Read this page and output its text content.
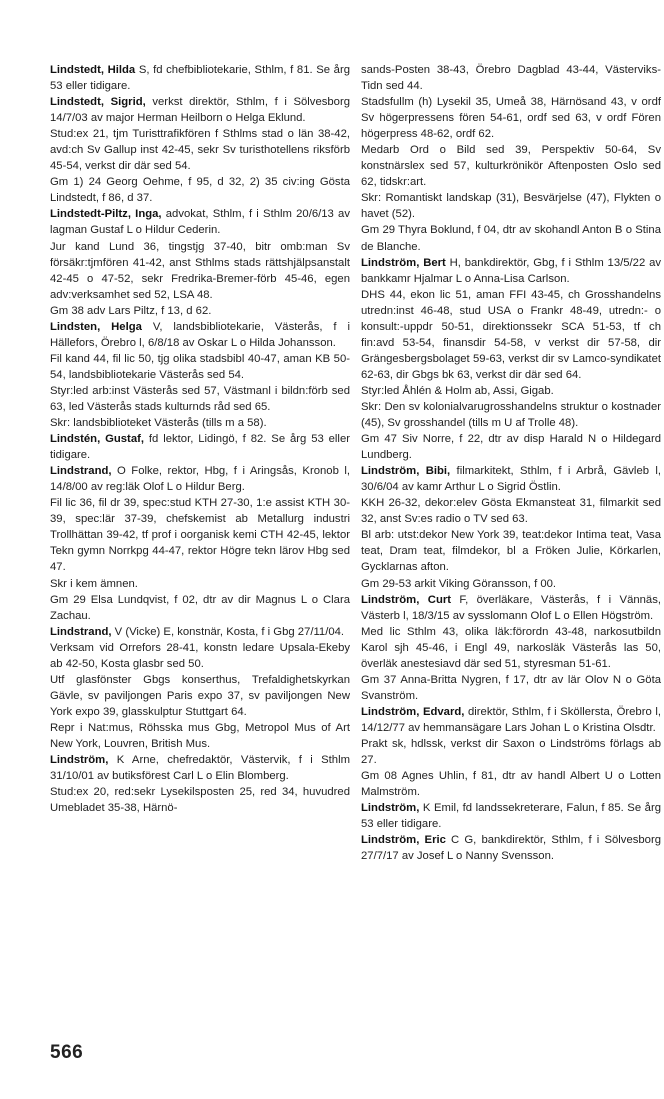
Lindstedt, Hilda S, fd chefbibliotekarie, Sthlm, f 81. Se årg 53 eller tidigare.

Lindstedt, Sigrid, verkst direktör, Sthlm, f i Sölvesborg 14/7/03 av major Herman Heilborn o Helga Eklund.

Stud:ex 21, tjm Turisttrafikfören f Sthlms stad o län 38-42, avd:ch Sv Gallup inst 42-45, sekr Sv turisthotellens riksförb 45-54, verkst dir där sed 54.

Gm 1) 24 Georg Oehme, f 95, d 32, 2) 35 civ:ing Gösta Lindstedt, f 86, d 37.

Lindstedt-Piltz, Inga, advokat, Sthlm, f i Sthlm 20/6/13 av lagman Gustaf L o Hildur Cederin.

Jur kand Lund 36, tingstjg 37-40, bitr omb:man Sv försäkr:tjmfören 41-42, anst Sthlms stads rättshjälpsanstalt 42-45 o 47-52, sekr Fredrika-Bremer-förb 45-46, egen adv:verksamhet sed 52, LSA 48.

Gm 38 adv Lars Piltz, f 13, d 62.

Lindsten, Helga V, landsbibliotekarie, Västerås, f i Hällefors, Örebro l, 6/8/18 av Oskar L o Hilda Johansson.

Fil kand 44, fil lic 50, tjg olika stadsbibl 40-47, aman KB 50-54, landsbibliotekarie Västerås sed 54.

Styr:led arb:inst Västerås sed 57, Västmanl i bildn:förb sed 63, led Västerås stads kulturnds råd sed 65.

Skr: landsbiblioteket Västerås (tills m a 58).

Lindstén, Gustaf, fd lektor, Lidingö, f 82. Se årg 53 eller tidigare.

Lindstrand, O Folke, rektor, Hbg, f i Aringsås, Kronob l, 14/8/00 av reg:läk Olof L o Hildur Berg.

Fil lic 36, fil dr 39, spec:stud KTH 27-30, 1:e assist KTH 30-39, spec:lär 37-39, chefskemist ab Metallurg industri Trollhättan 39-42, tf prof i oorganisk kemi CTH 42-45, lektor Tekn gymn Norrkpg 44-47, rektor Högre tekn lärov Hbg sed 47.

Skr i kem ämnen.

Gm 29 Elsa Lundqvist, f 02, dtr av dir Magnus L o Clara Zachau.

Lindstrand, V (Vicke) E, konstnär, Kosta, f i Gbg 27/11/04.

Verksam vid Orrefors 28-41, konstn ledare Upsala-Ekeby ab 42-50, Kosta glasbr sed 50.

Utf glasfönster Gbgs konserthus, Trefaldighetskyrkan Gävle, sv paviljongen Paris expo 37, sv paviljongen New York expo 39, glasskulptur Stuttgart 64.

Repr i Nat:mus, Röhsska mus Gbg, Metropol Mus of Art New York, Louvren, British Mus.

Lindström, K Arne, chefredaktör, Västervik, f i Sthlm 31/10/01 av butiksförest Carl L o Elin Blomberg.

Stud:ex 20, red:sekr Lysekilsposten 25, red 34, huvudred Umebladet 35-38, Härnö-

sands-Posten 38-43, Örebro Dagblad 43-44, Västerviks-Tidn sed 44.

Stadsfullm (h) Lysekil 35, Umeå 38, Härnösand 43, v ordf Sv högerpressens fören 54-61, ordf sed 63, v ordf Fören högerpress 48-62, ordf 62.

Medarb Ord o Bild sed 39, Perspektiv 50-64, Sv konstnärslex sed 57, kulturkrönikör Aftenposten Oslo sed 62, tidskr:art.

Skr: Romantiskt landskap (31), Besvärjelse (47), Flykten o havet (52).

Gm 29 Thyra Boklund, f 04, dtr av skohandl Anton B o Stina de Blanche.

Lindström, Bert H, bankdirektör, Gbg, f i Sthlm 13/5/22 av bankkamr Hjalmar L o Anna-Lisa Carlson.

DHS 44, ekon lic 51, aman FFI 43-45, ch Grosshandelns utredn:inst 46-48, stud USA o Frankr 48-49, utredn:- o konsult:-uppdr 50-51, direktionssekr SCA 51-53, tf ch fin:avd 53-54, finansdir 54-58, v verkst dir 57-58, dir Grängesbergsbolaget 59-63, verkst dir sv Lamco-syndikatet 62-63, dir Gbgs bk 63, verkst dir där sed 64.

Styr:led Åhlén & Holm ab, Assi, Gigab.

Skr: Den sv kolonialvarugrosshandelns struktur o kostnader (45), Sv grosshandel (tills m U af Trolle 48).

Gm 47 Siv Norre, f 22, dtr av disp Harald N o Hildegard Lundberg.

Lindström, Bibi, filmarkitekt, Sthlm, f i Arbrå, Gävleb l, 30/6/04 av kamr Arthur L o Sigrid Östlin.

KKH 26-32, dekor:elev Gösta Ekmansteat 31, filmarkit sed 32, anst Sv:es radio o TV sed 63.

Bl arb: utst:dekor New York 39, teat:dekor Intima teat, Vasa teat, Dram teat, filmdekor, bl a Fröken Julie, Körkarlen, Gycklarnas afton.

Gm 29-53 arkit Viking Göransson, f 00.

Lindström, Curt F, överläkare, Västerås, f i Vännäs, Västerb l, 18/3/15 av sysslomann Olof L o Ellen Högström.

Med lic Sthlm 43, olika läk:förordn 43-48, narkosutbildn Karol sjh 45-46, i Engl 49, narkosläk Västerås las 50, överläk anestesiavd där sed 51, styresman 51-61.

Gm 37 Anna-Britta Nygren, f 17, dtr av lär Olov N o Göta Svanström.

Lindström, Edvard, direktör, Sthlm, f i Sköllersta, Örebro l, 14/12/77 av hemmansägare Lars Johan L o Kristina Olsdtr.

Prakt sk, hdlssk, verkst dir Saxon o Lindströms förlags ab 27.

Gm 08 Agnes Uhlin, f 81, dtr av handl Albert U o Lotten Malmström.

Lindström, K Emil, fd landssekreterare, Falun, f 85. Se årg 53 eller tidigare.

Lindström, Eric C G, bankdirektör, Sthlm, f i Sölvesborg 27/7/17 av Josef L o Nanny Svensson.

566
